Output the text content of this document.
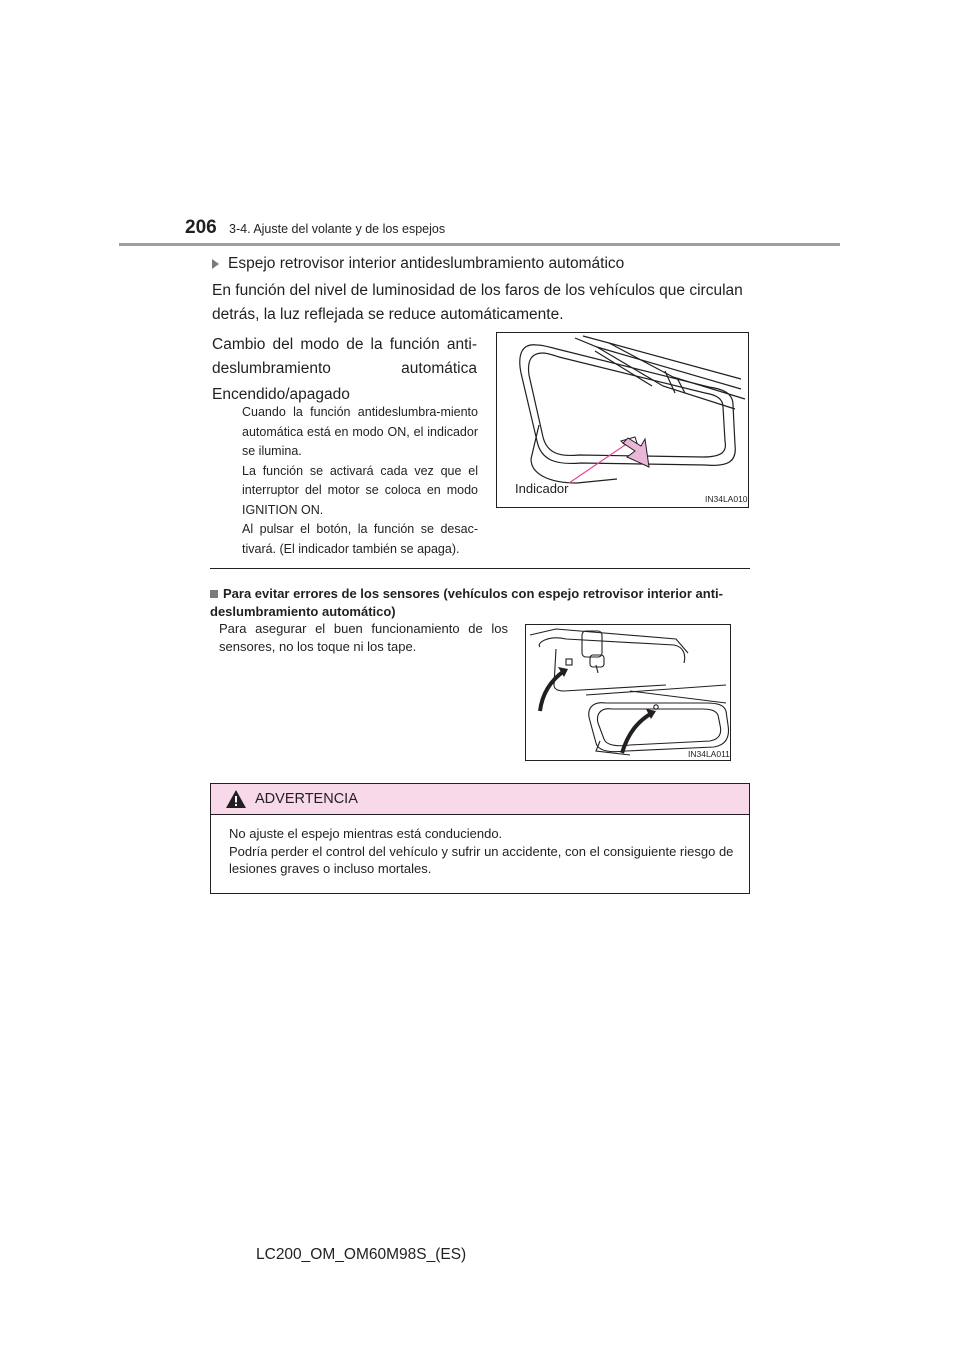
206 3-4. Ajuste del volante y de los espejos
Espejo retrovisor interior antideslumbramiento automático
En función del nivel de luminosidad de los faros de los vehículos que circulan detrás, la luz reflejada se reduce automáticamente.
Cambio del modo de la función anti-deslumbramiento automática
Encendido/apagado
Cuando la función antideslumbra-miento automática está en modo ON, el indicador se ilumina.
La función se activará cada vez que el interruptor del motor se coloca en modo IGNITION ON.
Al pulsar el botón, la función se desac-tivará. (El indicador también se apaga).
Indicador
IN34LA010
Para evitar errores de los sensores (vehículos con espejo retrovisor interior anti-deslumbramiento automático)
Para asegurar el buen funcionamiento de los sensores, no los toque ni los tape.
IN34LA011
ADVERTENCIA
No ajuste el espejo mientras está conduciendo.
Podría perder el control del vehículo y sufrir un accidente, con el consiguiente riesgo de lesiones graves o incluso mortales.
LC200_OM_OM60M98S_(ES)
